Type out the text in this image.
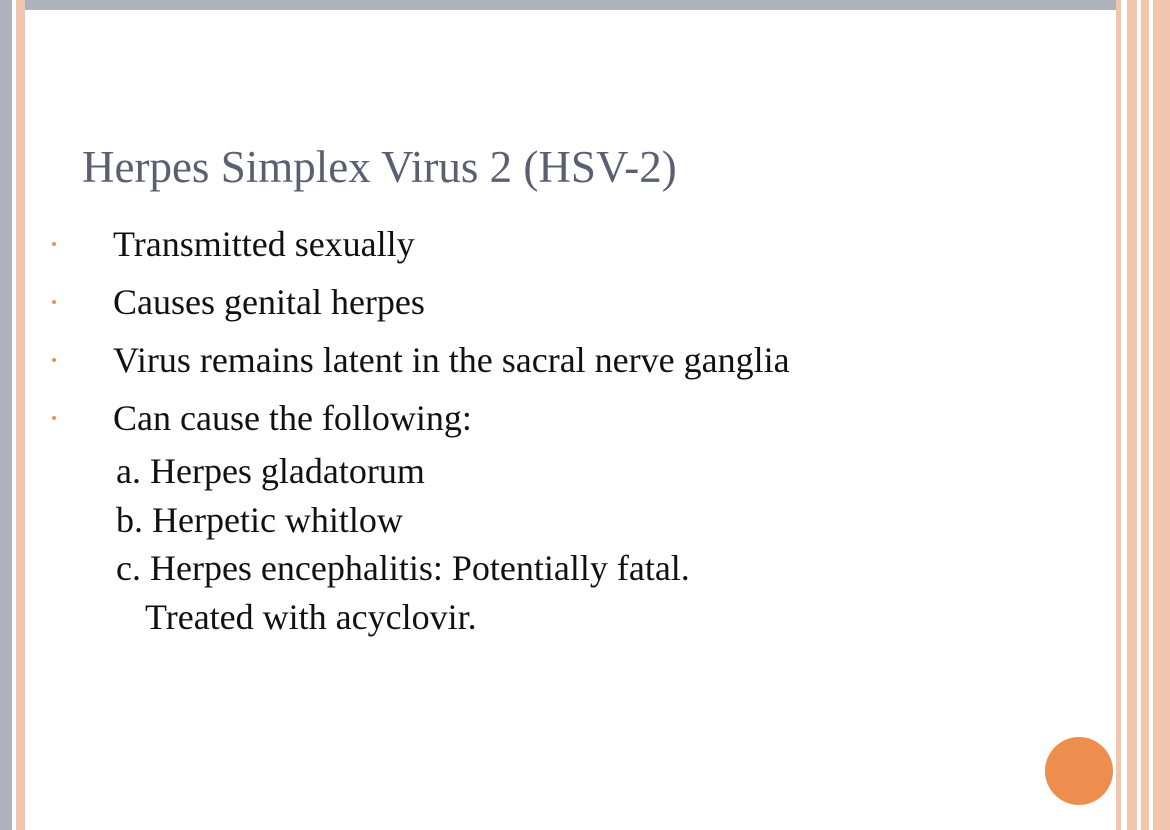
Herpes Simplex Virus 2 (HSV-2)
Transmitted sexually
Causes genital herpes
Virus remains latent in the sacral nerve ganglia
Can cause the following:
a. Herpes gladatorum
b. Herpetic whitlow
c. Herpes encephalitis: Potentially fatal.
Treated with acyclovir.
